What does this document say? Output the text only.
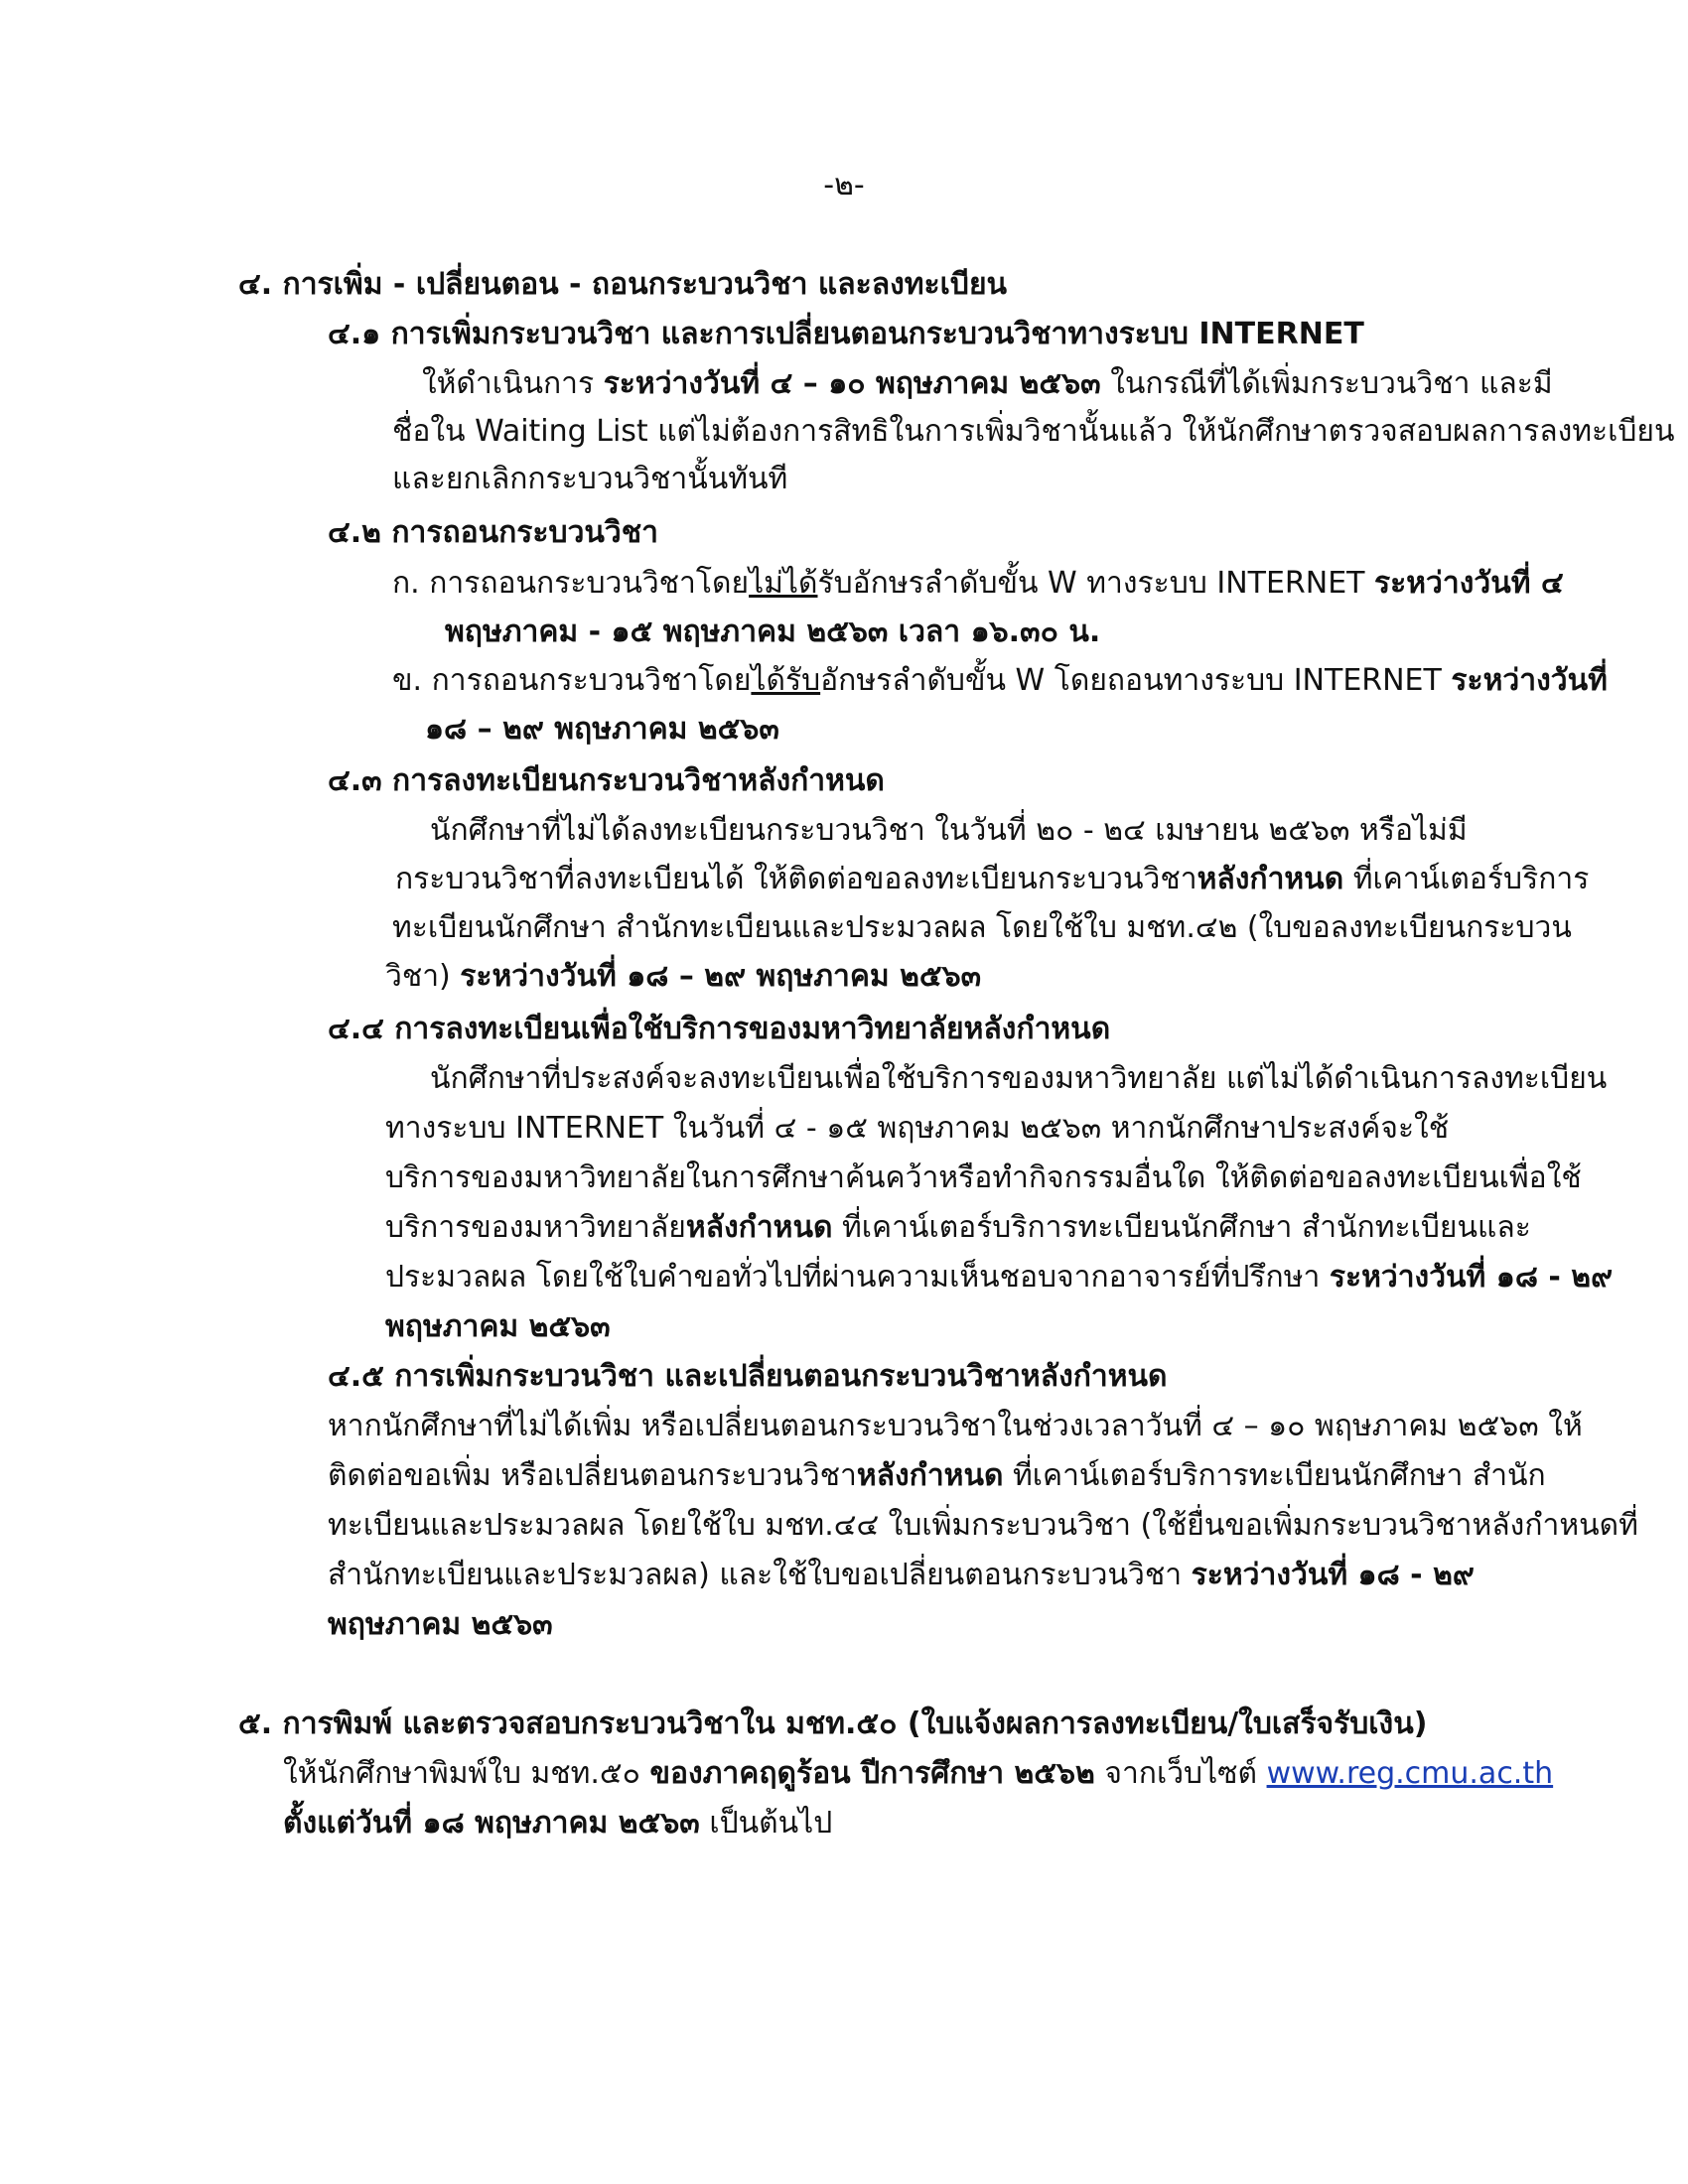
-๒-
๔. การเพิ่ม - เปลี่ยนตอน - ถอนกระบวนวิชา และลงทะเบียน
๔.๑ การเพิ่มกระบวนวิชา และการเปลี่ยนตอนกระบวนวิชาทางระบบ INTERNET
ให้ดำเนินการ ระหว่างวันที่ ๔ – ๑๐ พฤษภาคม ๒๕๖๓ ในกรณีที่ได้เพิ่มกระบวนวิชา และมี
ชื่อใน Waiting List แต่ไม่ต้องการสิทธิในการเพิ่มวิชานั้นแล้ว ให้นักศึกษาตรวจสอบผลการลงทะเบียน
และยกเลิกกระบวนวิชานั้นทันที
๔.๒ การถอนกระบวนวิชา
ก. การถอนกระบวนวิชาโดยไม่ได้รับอักษรลำดับขั้น W ทางระบบ INTERNET ระหว่างวันที่ ๔
พฤษภาคม - ๑๕ พฤษภาคม ๒๕๖๓ เวลา ๑๖.๓๐ น.
ข. การถอนกระบวนวิชาโดยได้รับอักษรลำดับขั้น W โดยถอนทางระบบ INTERNET ระหว่างวันที่
๑๘ – ๒๙ พฤษภาคม ๒๕๖๓
๔.๓ การลงทะเบียนกระบวนวิชาหลังกำหนด
นักศึกษาที่ไม่ได้ลงทะเบียนกระบวนวิชา ในวันที่ ๒๐ - ๒๔ เมษายน ๒๕๖๓ หรือไม่มี
กระบวนวิชาที่ลงทะเบียนได้ ให้ติดต่อขอลงทะเบียนกระบวนวิชาหลังกำหนด ที่เคาน์เตอร์บริการ
ทะเบียนนักศึกษา สำนักทะเบียนและประมวลผล โดยใช้ใบ มชท.๔๒ (ใบขอลงทะเบียนกระบวน
วิชา) ระหว่างวันที่ ๑๘ – ๒๙ พฤษภาคม ๒๕๖๓
๔.๔ การลงทะเบียนเพื่อใช้บริการของมหาวิทยาลัยหลังกำหนด
นักศึกษาที่ประสงค์จะลงทะเบียนเพื่อใช้บริการของมหาวิทยาลัย แต่ไม่ได้ดำเนินการลงทะเบียน
ทางระบบ INTERNET ในวันที่ ๔ - ๑๕ พฤษภาคม ๒๕๖๓ หากนักศึกษาประสงค์จะใช้
บริการของมหาวิทยาลัยในการศึกษาค้นคว้าหรือทำกิจกรรมอื่นใด ให้ติดต่อขอลงทะเบียนเพื่อใช้
บริการของมหาวิทยาลัยหลังกำหนด ที่เคาน์เตอร์บริการทะเบียนนักศึกษา สำนักทะเบียนและ
ประมวลผล โดยใช้ใบคำขอทั่วไปที่ผ่านความเห็นชอบจากอาจารย์ที่ปรึกษา ระหว่างวันที่ ๑๘ - ๒๙
พฤษภาคม ๒๕๖๓
๔.๕ การเพิ่มกระบวนวิชา และเปลี่ยนตอนกระบวนวิชาหลังกำหนด
หากนักศึกษาที่ไม่ได้เพิ่ม หรือเปลี่ยนตอนกระบวนวิชาในช่วงเวลาวันที่ ๔ – ๑๐ พฤษภาคม ๒๕๖๓ ให้
ติดต่อขอเพิ่ม หรือเปลี่ยนตอนกระบวนวิชาหลังกำหนด ที่เคาน์เตอร์บริการทะเบียนนักศึกษา สำนัก
ทะเบียนและประมวลผล โดยใช้ใบ มชท.๔๔ ใบเพิ่มกระบวนวิชา (ใช้ยื่นขอเพิ่มกระบวนวิชาหลังกำหนดที่
สำนักทะเบียนและประมวลผล) และใช้ใบขอเปลี่ยนตอนกระบวนวิชา ระหว่างวันที่ ๑๘ - ๒๙
พฤษภาคม ๒๕๖๓
๕. การพิมพ์ และตรวจสอบกระบวนวิชาใน มชท.๕๐ (ใบแจ้งผลการลงทะเบียน/ใบเสร็จรับเงิน)
ให้นักศึกษาพิมพ์ใบ มชท.๕๐ ของภาคฤดูร้อน ปีการศึกษา ๒๕๖๒ จากเว็บไซต์ www.reg.cmu.ac.th
ตั้งแต่วันที่ ๑๘ พฤษภาคม ๒๕๖๓ เป็นต้นไป
